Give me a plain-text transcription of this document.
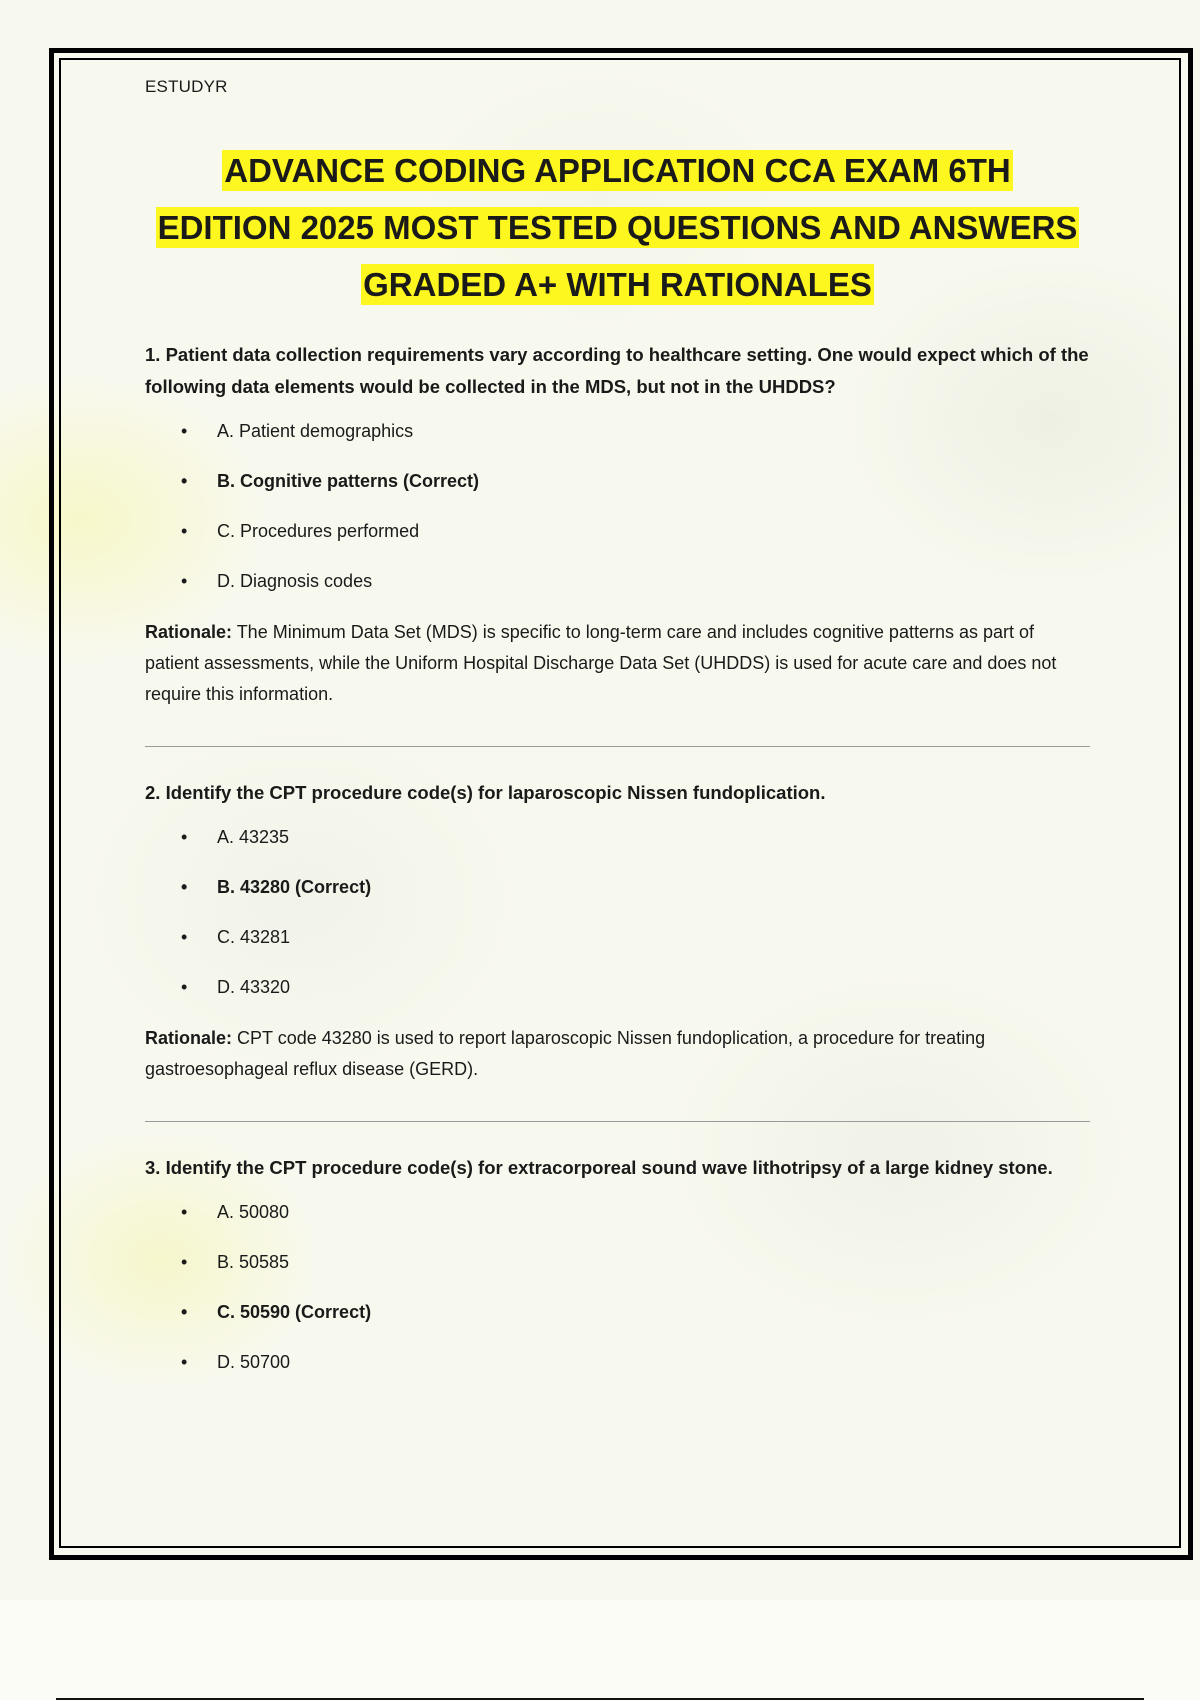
ESTUDYR

ADVANCE CODING APPLICATION CCA EXAM 6TH
EDITION 2025 MOST TESTED QUESTIONS AND ANSWERS
GRADED A+ WITH RATIONALES

1. Patient data collection requirements vary according to healthcare setting. One would expect which of the following data elements would be collected in the MDS, but not in the UHDDS?

• A. Patient demographics
• B. Cognitive patterns (Correct)
• C. Procedures performed
• D. Diagnosis codes

Rationale: The Minimum Data Set (MDS) is specific to long-term care and includes cognitive patterns as part of patient assessments, while the Uniform Hospital Discharge Data Set (UHDDS) is used for acute care and does not require this information.

2. Identify the CPT procedure code(s) for laparoscopic Nissen fundoplication.

• A. 43235
• B. 43280 (Correct)
• C. 43281
• D. 43320

Rationale: CPT code 43280 is used to report laparoscopic Nissen fundoplication, a procedure for treating gastroesophageal reflux disease (GERD).

3. Identify the CPT procedure code(s) for extracorporeal sound wave lithotripsy of a large kidney stone.

• A. 50080
• B. 50585
• C. 50590 (Correct)
• D. 50700
